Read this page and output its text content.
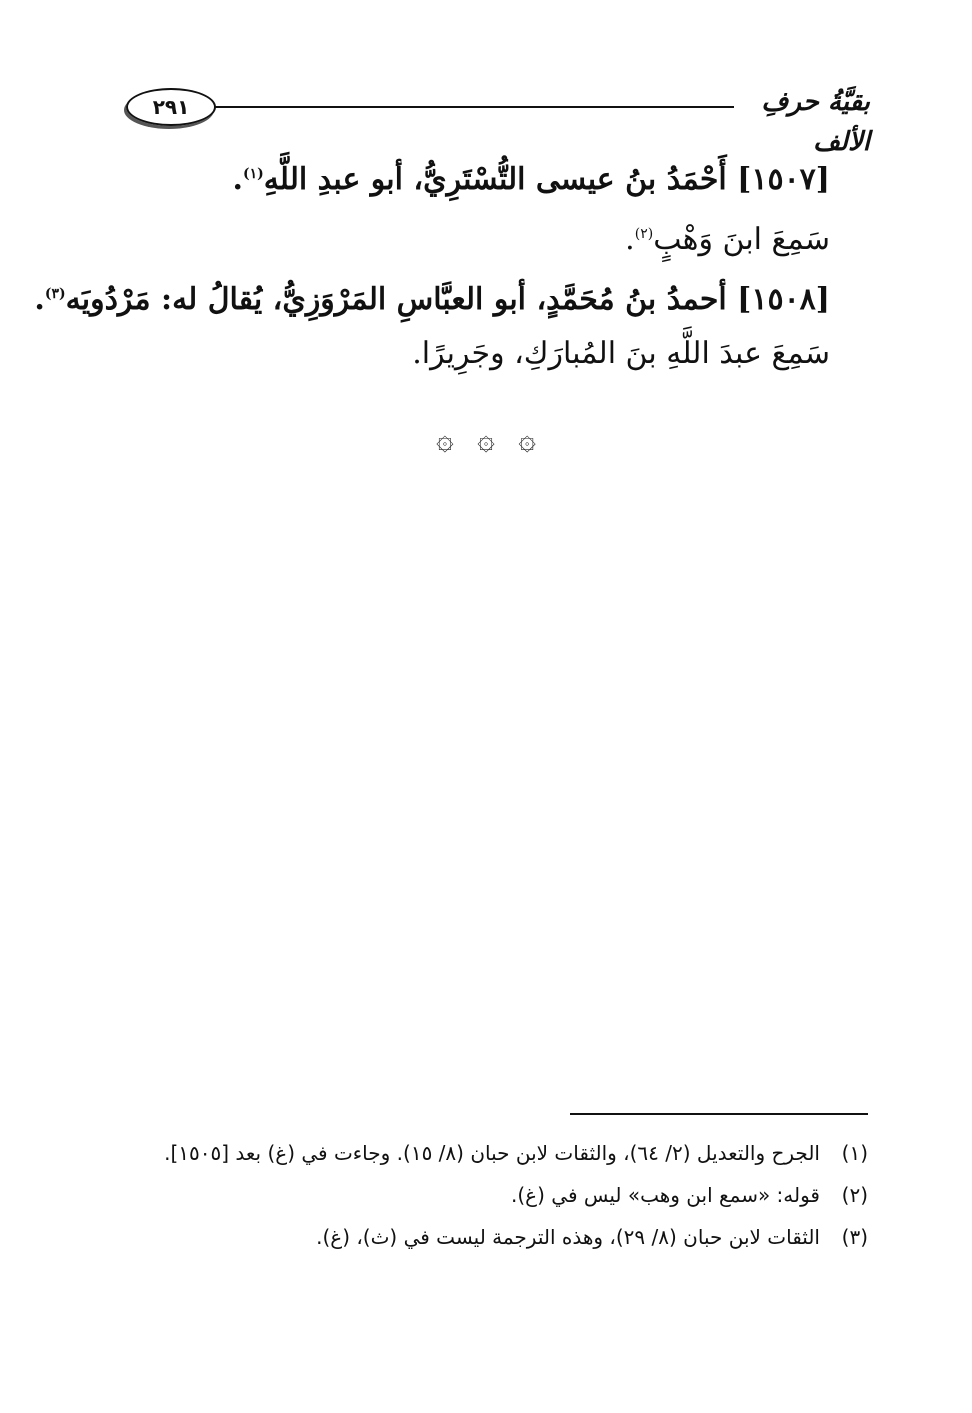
٢٩١	بقيَّةُ حرفِ الألف
[١٥٠٧] أَحْمَدُ بنُ عيسى التُّسْتَرِيُّ، أبو عبدِ اللَّهِ$^{(١)}$.
سَمِعَ ابنَ وَهْبٍ$^{(٢)}$.
[١٥٠٨] أحمدُ بنُ مُحَمَّدٍ، أبو العبَّاسِ المَرْوَزِيُّ، يُقالُ له: مَرْدُويَه$^{(٣)}$.
سَمِعَ عبدَ اللَّهِ بنَ المُبارَكِ، وجَرِيرًا.
۞ ۞ ۞
(١)
الجرح والتعديل (٢/ ٦٤)، والثقات لابن حبان (٨/ ١٥). وجاءت في (غ) بعد [١٥٠٥].
(٢)
قوله: «سمع ابن وهب» ليس في (غ).
(٣)
الثقات لابن حبان (٨/ ٢٩)، وهذه الترجمة ليست في (ث)، (غ).
